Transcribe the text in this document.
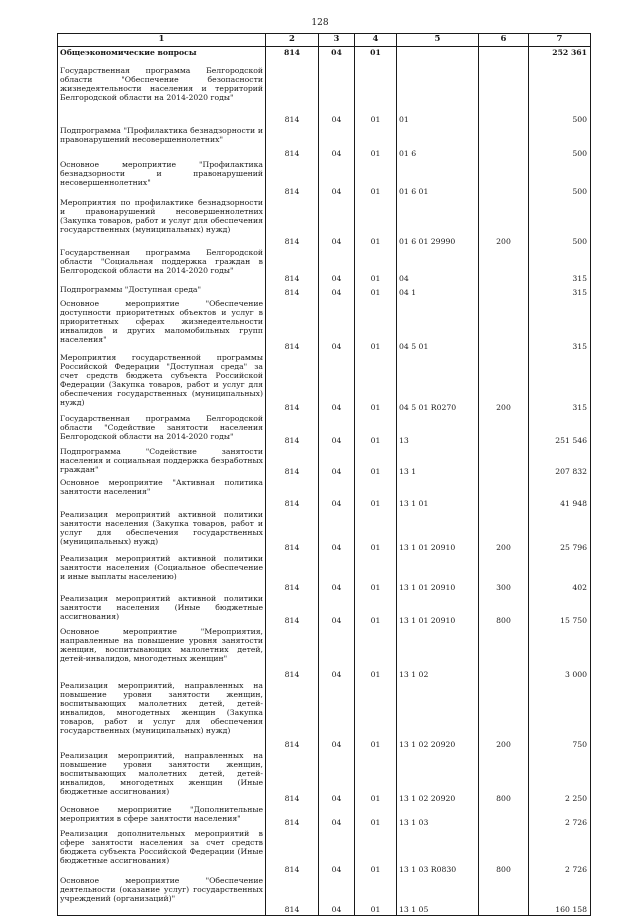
128
1	2	3	4	5	6	7
Общеэкономические вопросы	814	04	01			252 361
Государственная программа Белгородской области "Обеспечение безопасности жизнедеятельности населения и территорий Белгородской области на 2014-2020 годы"	814	04	01	01		500
Подпрограмма "Профилактика безнадзорности и правонарушений несовершеннолетних"	814	04	01	01 6		500
Основное мероприятие "Профилактика безнадзорности и правонарушений несовершеннолетних"	814	04	01	01 6 01		500
Мероприятия по профилактике безнадзорности и правонарушений несовершеннолетних (Закупка товаров, работ и услуг для обеспечения государственных (муниципальных) нужд)	814	04	01	01 6 01 29990	200	500
Государственная программа Белгородской области "Социальная поддержка граждан в Белгородской области на 2014-2020 годы"	814	04	01	04		315
Подпрограммы "Доступная среда"	814	04	01	04 1		315
Основное мероприятие "Обеспечение доступности приоритетных объектов и услуг в приоритетных сферах жизнедеятельности инвалидов и других маломобильных групп населения"	814	04	01	04 5 01		315
Мероприятия государственной программы Российской Федерации "Доступная среда" за счет средств бюджета субъекта Российской Федерации (Закупка товаров, работ и услуг для обеспечения государственных (муниципальных) нужд)	814	04	01	04 5 01 R0270	200	315
Государственная программа Белгородской области "Содействие занятости населения Белгородской области на 2014-2020 годы"	814	04	01	13		251 546
Подпрограмма "Содействие занятости населения и социальная поддержка безработных граждан"	814	04	01	13 1		207 832
Основное мероприятие "Активная политика занятости населения"	814	04	01	13 1 01		41 948
Реализация мероприятий активной политики занятости населения (Закупка товаров, работ и услуг для обеспечения государственных (муниципальных) нужд)	814	04	01	13 1 01 20910	200	25 796
Реализация мероприятий активной политики занятости населения (Социальное обеспечение и иные выплаты населению)	814	04	01	13 1 01 20910	300	402
Реализация мероприятий активной политики занятости населения (Иные бюджетные ассигнования)	814	04	01	13 1 01 20910	800	15 750
Основное мероприятие "Мероприятия, направленные на повышение уровня занятости женщин, воспитывающих малолетних детей, детей-инвалидов, многодетных женщин"	814	04	01	13 1 02		3 000
Реализация мероприятий, направленных на повышение уровня занятости женщин, воспитывающих малолетних детей, детей-инвалидов, многодетных женщин (Закупка товаров, работ и услуг для обеспечения государственных (муниципальных) нужд)	814	04	01	13 1 02 20920	200	750
Реализация мероприятий, направленных на повышение уровня занятости женщин, воспитывающих малолетних детей, детей-инвалидов, многодетных женщин (Иные бюджетные ассигнования)	814	04	01	13 1 02 20920	800	2 250
Основное мероприятие "Дополнительные мероприятия в сфере занятости населения"	814	04	01	13 1 03		2 726
Реализация дополнительных мероприятий в сфере занятости населения за счет средств бюджета субъекта Российской Федерации (Иные бюджетные ассигнования)	814	04	01	13 1 03 R0830	800	2 726
Основное мероприятие "Обеспечение деятельности (оказание услуг) государственных учреждений (организаций)"	814	04	01	13 1 05		160 158
